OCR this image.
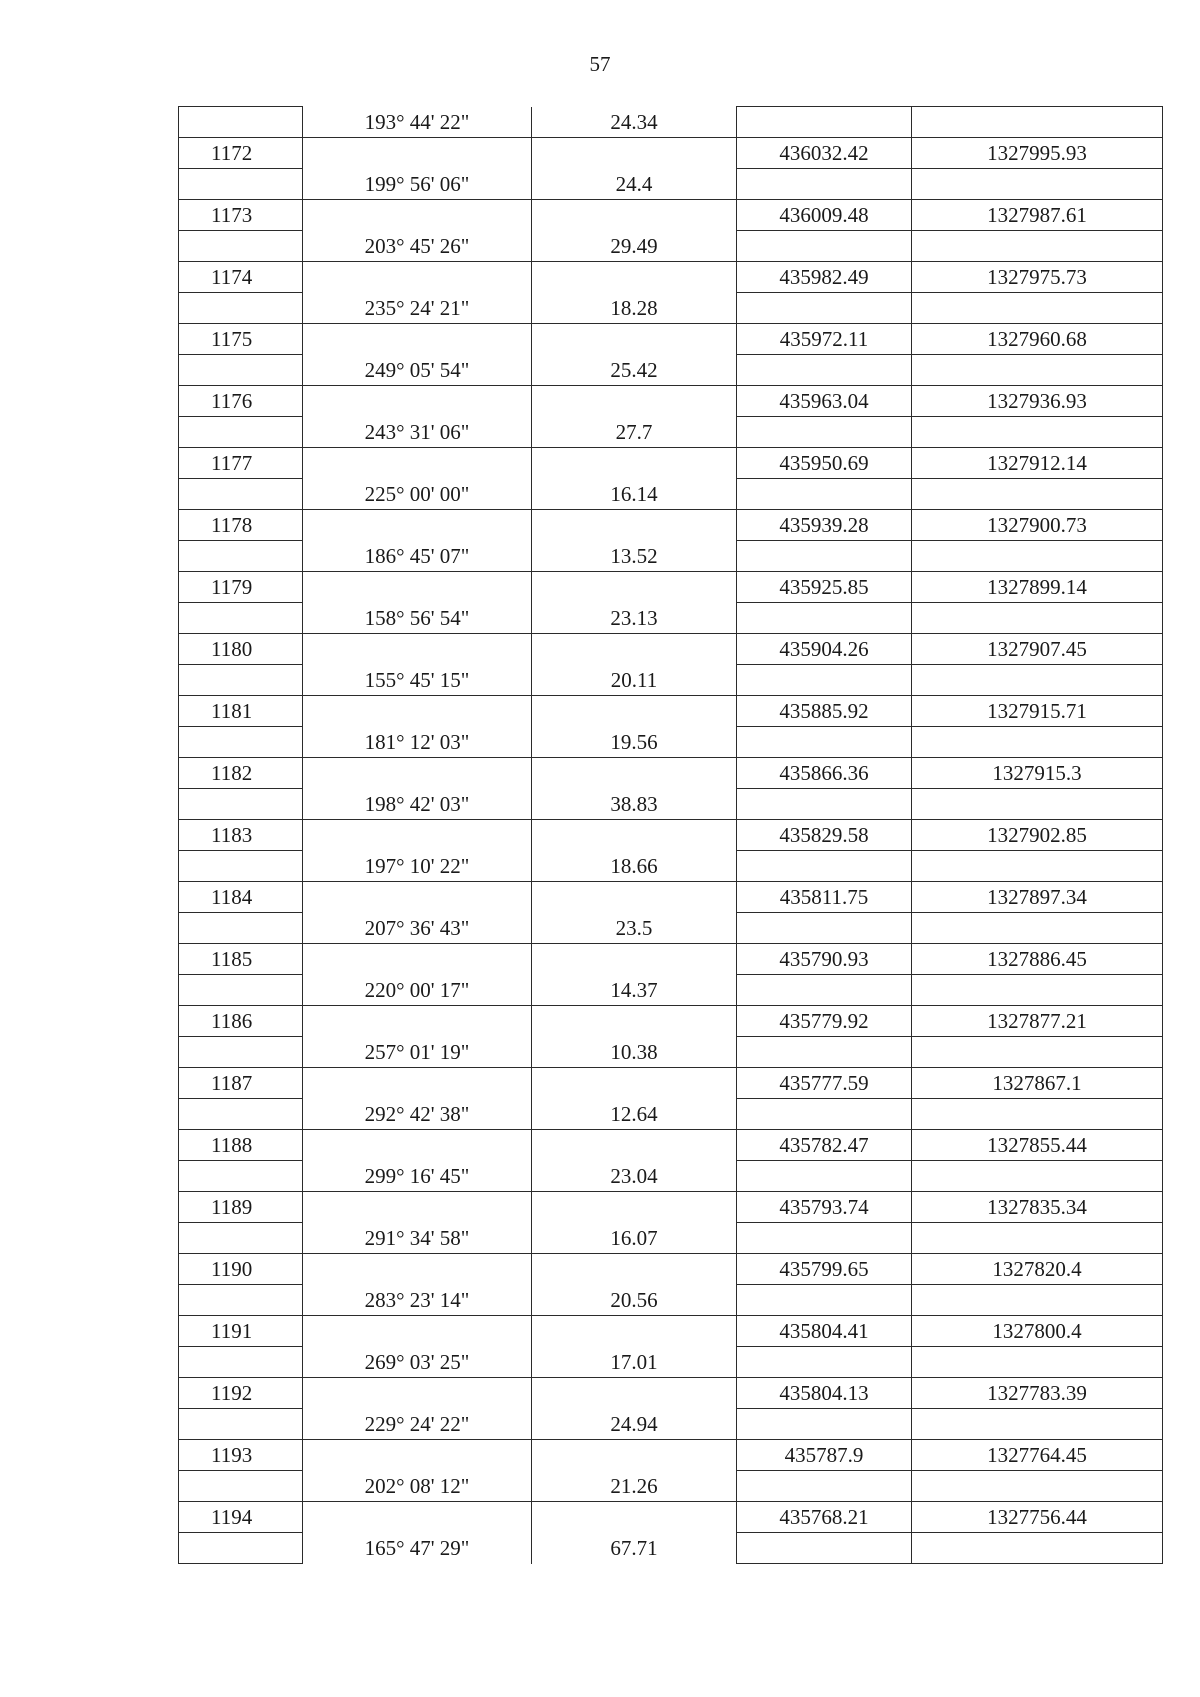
57
	193° 44' 22"	24.34		
1172			436032.42	1327995.93
	199° 56' 06"	24.4		
1173			436009.48	1327987.61
	203° 45' 26"	29.49		
1174			435982.49	1327975.73
	235° 24' 21"	18.28		
1175			435972.11	1327960.68
	249° 05' 54"	25.42		
1176			435963.04	1327936.93
	243° 31' 06"	27.7		
1177			435950.69	1327912.14
	225° 00' 00"	16.14		
1178			435939.28	1327900.73
	186° 45' 07"	13.52		
1179			435925.85	1327899.14
	158° 56' 54"	23.13		
1180			435904.26	1327907.45
	155° 45' 15"	20.11		
1181			435885.92	1327915.71
	181° 12' 03"	19.56		
1182			435866.36	1327915.3
	198° 42' 03"	38.83		
1183			435829.58	1327902.85
	197° 10' 22"	18.66		
1184			435811.75	1327897.34
	207° 36' 43"	23.5		
1185			435790.93	1327886.45
	220° 00' 17"	14.37		
1186			435779.92	1327877.21
	257° 01' 19"	10.38		
1187			435777.59	1327867.1
	292° 42' 38"	12.64		
1188			435782.47	1327855.44
	299° 16' 45"	23.04		
1189			435793.74	1327835.34
	291° 34' 58"	16.07		
1190			435799.65	1327820.4
	283° 23' 14"	20.56		
1191			435804.41	1327800.4
	269° 03' 25"	17.01		
1192			435804.13	1327783.39
	229° 24' 22"	24.94		
1193			435787.9	1327764.45
	202° 08' 12"	21.26		
1194			435768.21	1327756.44
	165° 47' 29"	67.71		
